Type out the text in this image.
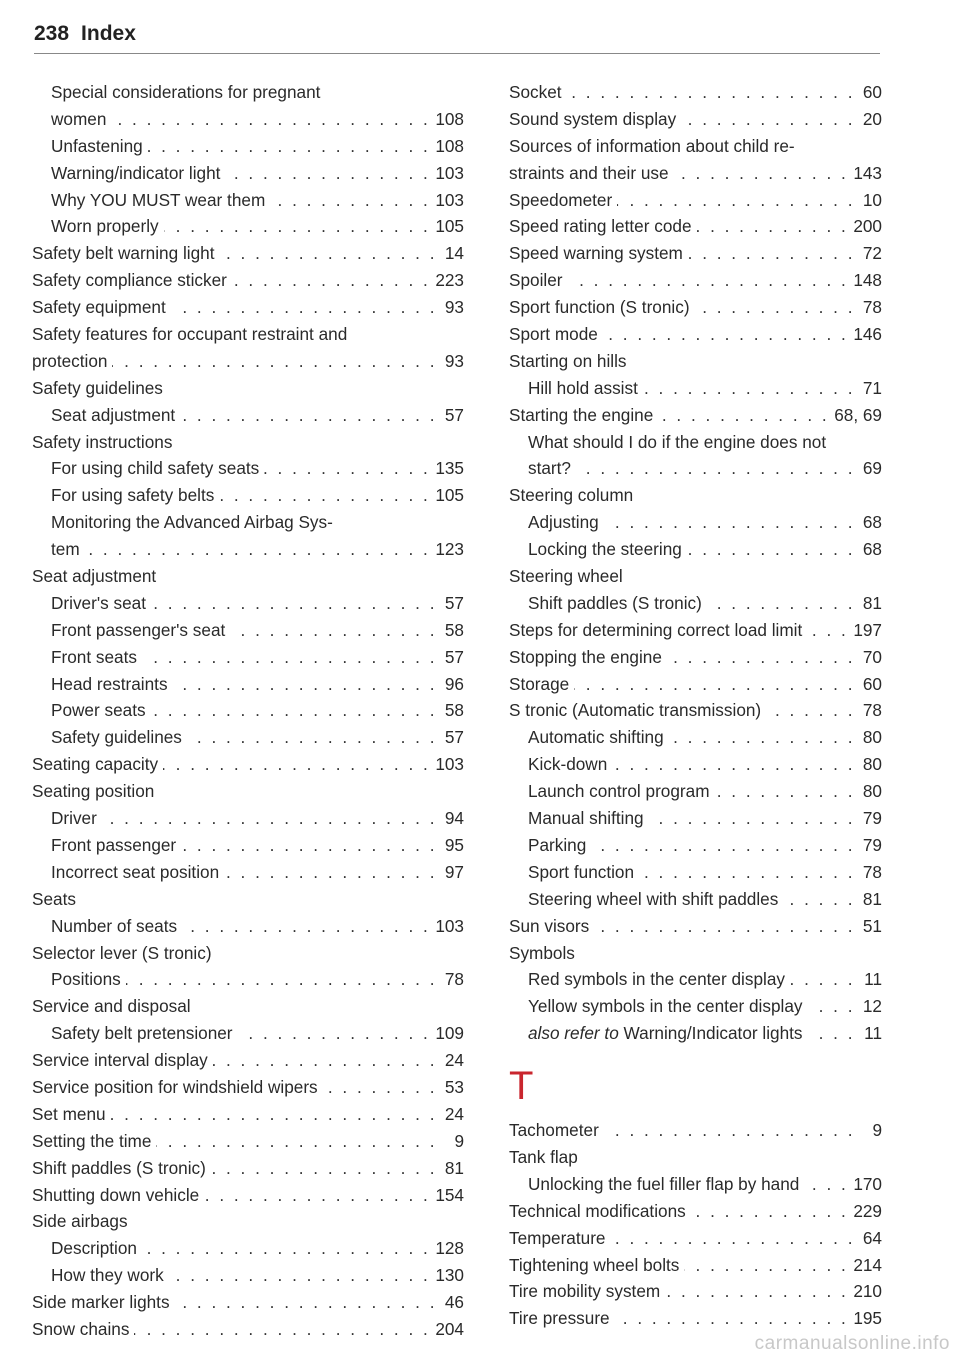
238 Index
Special considerations for pregnant
women . . .	108
Unfastening . . .	108
Warning/indicator light . . .	103
Why YOU MUST wear them . . .	103
Worn properly . . .	105
Safety belt warning light . . .	14
Safety compliance sticker . . .	223
Safety equipment . . .	93
Safety features for occupant restraint and
protection . . .	93
Safety guidelines
Seat adjustment . . .	57
Safety instructions
For using child safety seats . . .	135
For using safety belts . . .	105
Monitoring the Advanced Airbag Sys-
tem . . .	123
Seat adjustment
Driver's seat . . .	57
Front passenger's seat . . .	58
Front seats . . .	57
Head restraints . . .	96
Power seats . . .	58
Safety guidelines . . .	57
Seating capacity . . .	103
Seating position
Driver . . .	94
Front passenger . . .	95
Incorrect seat position . . .	97
Seats
Number of seats . . .	103
Selector lever (S tronic)
Positions . . .	78
Service and disposal
Safety belt pretensioner . . .	109
Service interval display . . .	24
Service position for windshield wipers . . .	53
Set menu . . .	24
Setting the time . . .	9
Shift paddles (S tronic) . . .	81
Shutting down vehicle . . .	154
Side airbags
Description . . .	128
How they work . . .	130
Side marker lights . . .	46
Snow chains . . .	204
Socket . . .	60
Sound system display . . .	20
Sources of information about child re-
straints and their use . . .	143
Speedometer . . .	10
Speed rating letter code . . .	200
Speed warning system . . .	72
Spoiler . . .	148
Sport function (S tronic) . . .	78
Sport mode . . .	146
Starting on hills
Hill hold assist . . .	71
Starting the engine . . .	68, 69
What should I do if the engine does not
start? . . .	69
Steering column
Adjusting . . .	68
Locking the steering . . .	68
Steering wheel
Shift paddles (S tronic) . . .	81
Steps for determining correct load limit . . .	197
Stopping the engine . . .	70
Storage . . .	60
S tronic (Automatic transmission) . . .	78
Automatic shifting . . .	80
Kick-down . . .	80
Launch control program . . .	80
Manual shifting . . .	79
Parking . . .	79
Sport function . . .	78
Steering wheel with shift paddles . . .	81
Sun visors . . .	51
Symbols
Red symbols in the center display . . .	11
Yellow symbols in the center display . . .	12
also refer to
Warning/Indicator lights . . .	11
T
Tachometer . . .	9
Tank flap
Unlocking the fuel filler flap by hand . . .	170
Technical modifications . . .	229
Temperature . . .	64
Tightening wheel bolts . . .	214
Tire mobility system . . .	210
Tire pressure . . .	195
carmanualsonline.info
